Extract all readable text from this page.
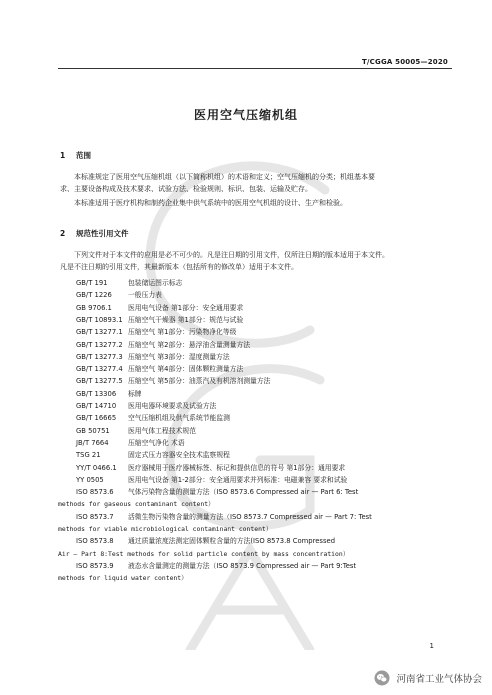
T/CGGA 50005—2020
医用空气压缩机组
1 范围
本标准规定了医用空气压缩机组（以下简称机组）的术语和定义；空气压缩机的分类；机组基本要
求、主要设备构成及技术要求、试验方法、检验规则、标识、包装、运输及贮存。
本标准适用于医疗机构和制药企业集中供气系统中的医用空气机组的设计、生产和检验。
2 规范性引用文件
下列文件对于本文件的应用是必不可少的。凡是注日期的引用文件，仅所注日期的版本适用于本文件。
凡是不注日期的引用文件，其最新版本（包括所有的修改单）适用于本文件。
GB/T 191	包装储运图示标志
GB/T 1226 一般压力表
GB 9706.1 医用电气设备 第1部分：安全通用要求
GB/T 10893.1 压缩空气干燥器 第1部分：规范与试验
GB/T 13277.1 压缩空气 第1部分：污染物净化等级
GB/T 13277.2 压缩空气 第2部分：悬浮油含量测量方法
GB/T 13277.3 压缩空气 第3部分：湿度测量方法
GB/T 13277.4 压缩空气 第4部分：固体颗粒测量方法
GB/T 13277.5 压缩空气 第5部分：油蒸汽及有机溶剂测量方法
GB/T 13306 标牌
GB/T 14710 医用电器环境要求及试验方法
GB/T 16665 空气压缩机组及供气系统节能监测
GB 50751	医用气体工程技术规范
JB/T 7664	压缩空气净化 术语
TSG 21	固定式压力容器安全技术监察规程
YY/T 0466.1 医疗器械用于医疗器械标签、标记和提供信息的符号 第1部分：通用要求
YY 0505	医用电气设备 第1-2部分：安全通用要求并列标准：电磁兼容 要求和试验
ISO 8573.6 气体污染物含量的测量方法（ISO 8573.6 Compressed air — Part 6: Test
methods for gaseous contaminant content）
ISO 8573.7 活微生物污染物含量的测量方法（ISO 8573.7 Compressed air — Part 7: Test
methods for viable microbiological contaminant content）
ISO 8573.8 通过质量浓度法测定固体颗粒含量的方法(ISO 8573.8 Compressed
Air — Part 8:Test methods for solid particle content by mass concentration）
ISO 8573.9 液态水含量测定的测量方法（ISO 8573.9 Compressed air — Part 9:Test
methods for liquid water content）
1
河南省工业气体协会
